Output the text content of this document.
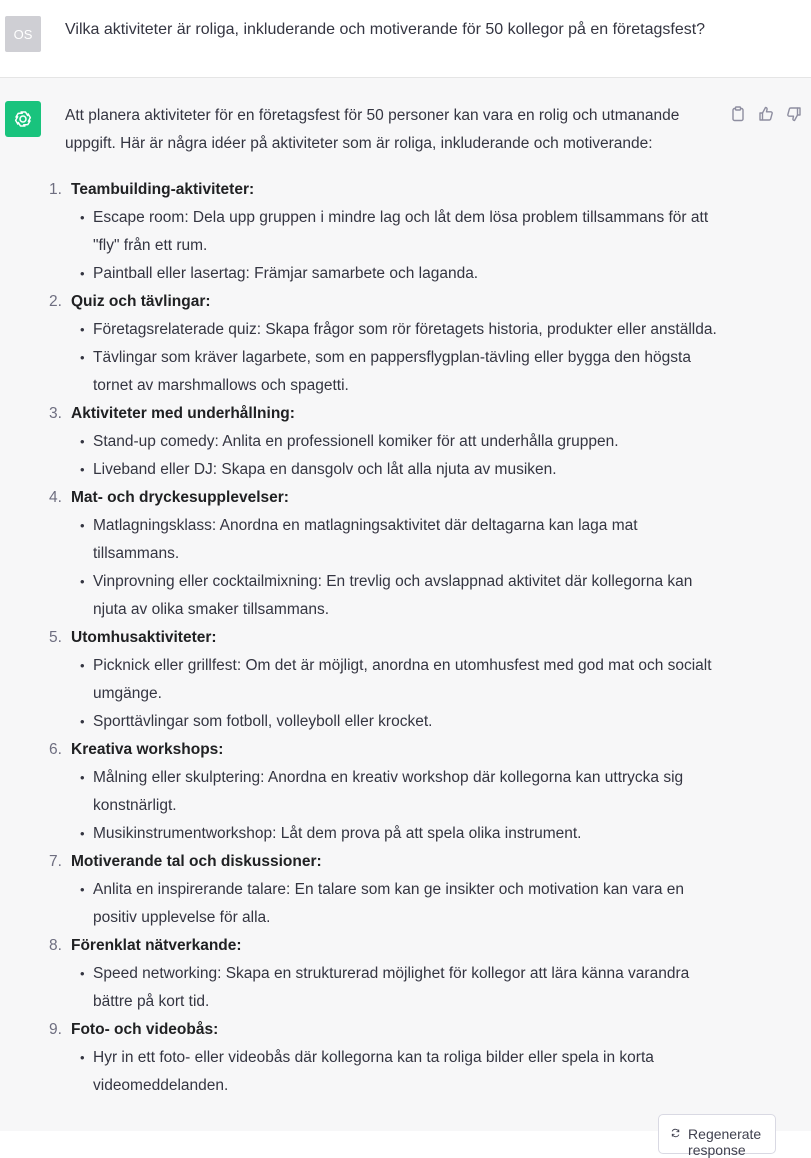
OS Vilka aktiviteter är roliga, inkluderande och motiverande för 50 kollegor på en företagsfest?

Att planera aktiviteter för en företagsfest för 50 personer kan vara en rolig och utmanande uppgift. Här är några idéer på aktiviteter som är roliga, inkluderande och motiverande:

1. Teambuilding-aktiviteter:
• Escape room: Dela upp gruppen i mindre lag och låt dem lösa problem tillsammans för att "fly" från ett rum.
• Paintball eller lasertag: Främjar samarbete och laganda.
2. Quiz och tävlingar:
• Företagsrelaterade quiz: Skapa frågor som rör företagets historia, produkter eller anställda.
• Tävlingar som kräver lagarbete, som en pappersflygplan-tävling eller bygga den högsta tornet av marshmallows och spagetti.
3. Aktiviteter med underhållning:
• Stand-up comedy: Anlita en professionell komiker för att underhålla gruppen.
• Liveband eller DJ: Skapa en dansgolv och låt alla njuta av musiken.
4. Mat- och dryckesupplevelser:
• Matlagningsklass: Anordna en matlagningsaktivitet där deltagarna kan laga mat tillsammans.
• Vinprovning eller cocktailmixning: En trevlig och avslappnad aktivitet där kollegorna kan njuta av olika smaker tillsammans.
5. Utomhusaktiviteter:
• Picknick eller grillfest: Om det är möjligt, anordna en utomhusfest med god mat och socialt umgänge.
• Sporttävlingar som fotboll, volleyboll eller krocket.
6. Kreativa workshops:
• Målning eller skulptering: Anordna en kreativ workshop där kollegorna kan uttrycka sig konstnärligt.
• Musikinstrumentworkshop: Låt dem prova på att spela olika instrument.
7. Motiverande tal och diskussioner:
• Anlita en inspirerande talare: En talare som kan ge insikter och motivation kan vara en positiv upplevelse för alla.
8. Förenklat nätverkande:
• Speed networking: Skapa en strukturerad möjlighet för kollegor att lära känna varandra bättre på kort tid.
9. Foto- och videobås:
• Hyr in ett foto- eller videobås där kollegorna kan ta roliga bilder eller spela in korta videomeddelanden.
Regenerate response
